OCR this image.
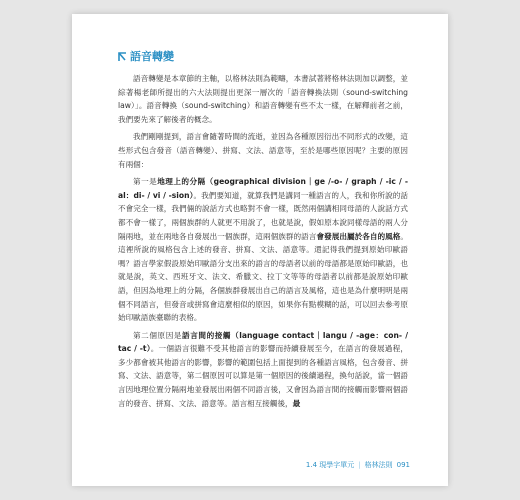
語音轉變

語音轉變是本章節的主軸，以格林法則為範疇，本書試著將格林法則加以調整，並綜著楊老師所提出的六大法則提出更深一層次的「語音轉換法則（sound-switching law）」。語音轉換（sound-switching）和語音轉變有些不太一樣，在解釋前者之前，我們要先來了解後者的概念。

我們剛剛提到，語言會隨著時間的流逝，並因為各種原因衍出不同形式的改變，這些形式包含發音（語音轉變）、拼寫、文法、語意等，至於是哪些原因呢？主要的原因有兩個：

第一是地理上的分隔（geographical division｜ge /-o- / graph / -ic / -al：di- / vi / -sion）。我們要知道，就算我們是講同一種語言的人，我和你所說的話不會完全一樣，我們倆的說話方式也略對不會一樣，既然兩個講相同母語的人說話方式都不會一樣了，兩個族群的人就更不用說了，也就是說，假如原本說同樣母語的兩人分隔兩地，並在兩地各自發展出一個族群，這兩個族群的語言會發展出屬於各自的風格。這裡所說的風格包含上述的發音、拼寫、文法、語意等。還記得我們提到原始印歐語嗎？語言學家假設原始印歐語分支出來的語言的母語者以前的母語都是原始印歐語，也就是說，英文、西班牙文、法文、希臘文、拉丁文等等的母語者以前都是說原始印歐語，但因為地理上的分隔，各個族群發展出自己的語言及風格，這也是為什麼明明是兩個不同語言，但發音或拼寫會這麼相似的原因，如果你有點模糊的話，可以回去參考原始印歐語族臺聯的表格。

第二個原因是語言間的接觸（language contact｜langu / -age：con- / tac / -t）。一個語言很難不受其他語言的影響而持續發展至今，在語言的發展過程，多少都會被其他語言的影響，影響的範圍包括上面提到的各種語言風格，包含發音、拼寫、文法、語意等，第二個原因可以算是第一個原因的後續過程，換句話說，當一個語言因地理位置分隔兩地並發展出兩個不同語言後，又會因為語言間的接觸而影響兩個語言的發音、拼寫、文法、語意等。語言相互接觸後，最

1.4 現學字單元 | 格林法則 091
